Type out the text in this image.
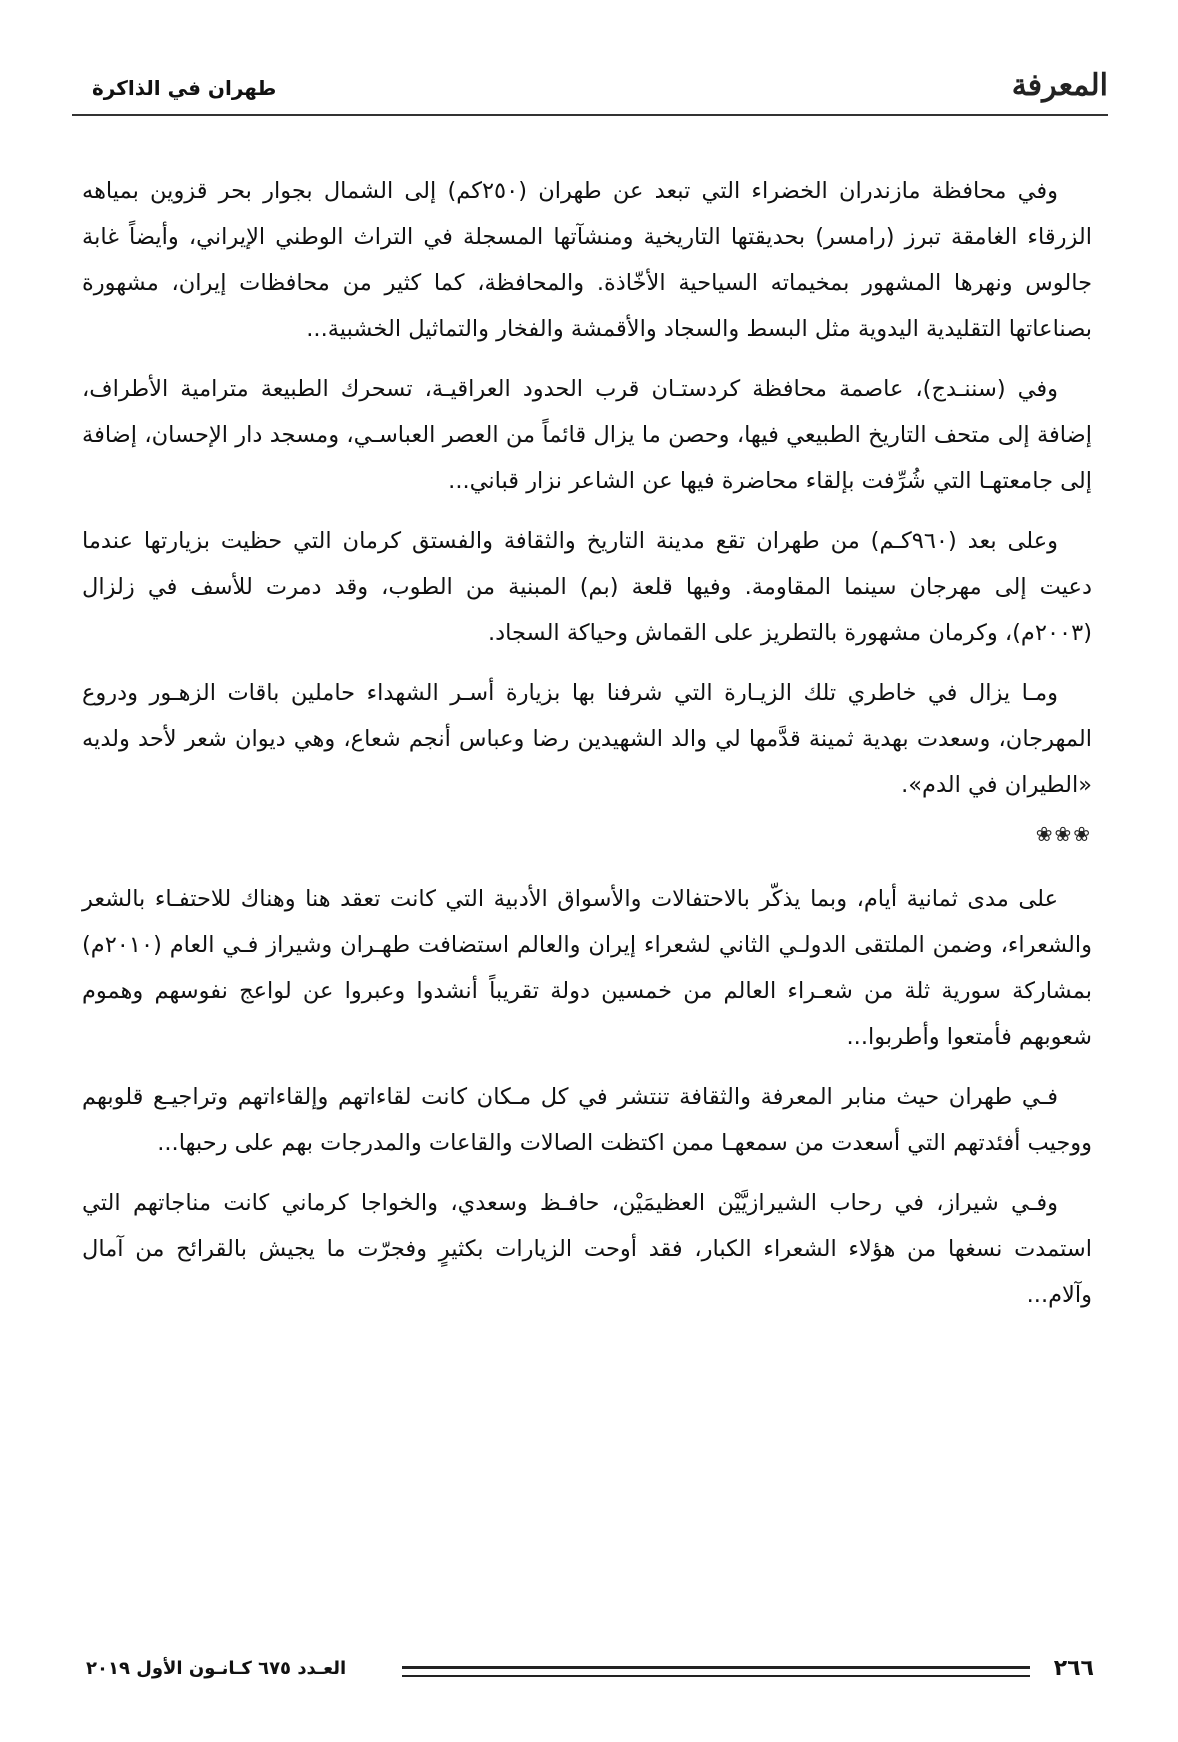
المعرفة
طهران في الذاكرة

وفي محافظة مازندران الخضراء التي تبعد عن طهران (٢٥٠كم) إلى الشمال بجوار بحر قزوين بمياهه الزرقاء الغامقة تبرز (رامسر) بحديقتها التاريخية ومنشآتها المسجلة في التراث الوطني الإيراني، وأيضاً غابة جالوس ونهرها المشهور بمخيماته السياحية الأخّاذة. والمحافظة، كما كثير من محافظات إيران، مشهورة بصناعاتها التقليدية اليدوية مثل البسط والسجاد والأقمشة والفخار والتماثيل الخشبية...

وفي (سننـدج)، عاصمة محافظة كردستـان قرب الحدود العراقيـة، تسحرك الطبيعة مترامية الأطراف، إضافة إلى متحف التاريخ الطبيعي فيها، وحصن ما يزال قائماً من العصر العباسـي، ومسجد دار الإحسان، إضافة إلى جامعتهـا التي شُرِّفت بإلقاء محاضرة فيها عن الشاعر نزار قباني...

وعلى بعد (٩٦٠كـم) من طهران تقع مدينة التاريخ والثقافة والفستق كرمان التي حظيت بزيارتها عندما دعيت إلى مهرجان سينما المقاومة. وفيها قلعة (بم) المبنية من الطوب، وقد دمرت للأسف في زلزال (٢٠٠٣م)، وكرمان مشهورة بالتطريز على القماش وحياكة السجاد.

ومـا يزال في خاطري تلك الزيـارة التي شرفنا بها بزيارة أسـر الشهداء حاملين باقات الزهـور ودروع المهرجان، وسعدت بهدية ثمينة قدَّمها لي والد الشهيدين رضا وعباس أنجم شعاع، وهي ديوان شعر لأحد ولديه «الطيران في الدم».

❀❀❀

على مدى ثمانية أيام، وبما يذكّر بالاحتفالات والأسواق الأدبية التي كانت تعقد هنا وهناك للاحتفـاء بالشعر والشعراء، وضمن الملتقى الدولـي الثاني لشعراء إيران والعالم استضافت طهـران وشيراز فـي العام (٢٠١٠م) بمشاركة سورية ثلة من شعـراء العالم من خمسين دولة تقريباً أنشدوا وعبروا عن لواعج نفوسهم وهموم شعوبهم فأمتعوا وأطربوا...

فـي طهران حيث منابر المعرفة والثقافة تنتشر في كل مـكان كانت لقاءاتهم وإلقاءاتهم وتراجيـع قلوبهم ووجيب أفئدتهم التي أسعدت من سمعهـا ممن اكتظت الصالات والقاعات والمدرجات بهم على رحبها...

وفـي شيراز، في رحاب الشيرازيَّيْن العظيمَيْن، حافـظ وسعدي، والخواجا كرماني كانت مناجاتهم التي استمدت نسغها من هؤلاء الشعراء الكبار، فقد أوحت الزيارات بكثيرٍ وفجرّت ما يجيش بالقرائح من آمال وآلام...

٢٦٦
العـدد ٦٧٥ كـانـون الأول ٢٠١٩
